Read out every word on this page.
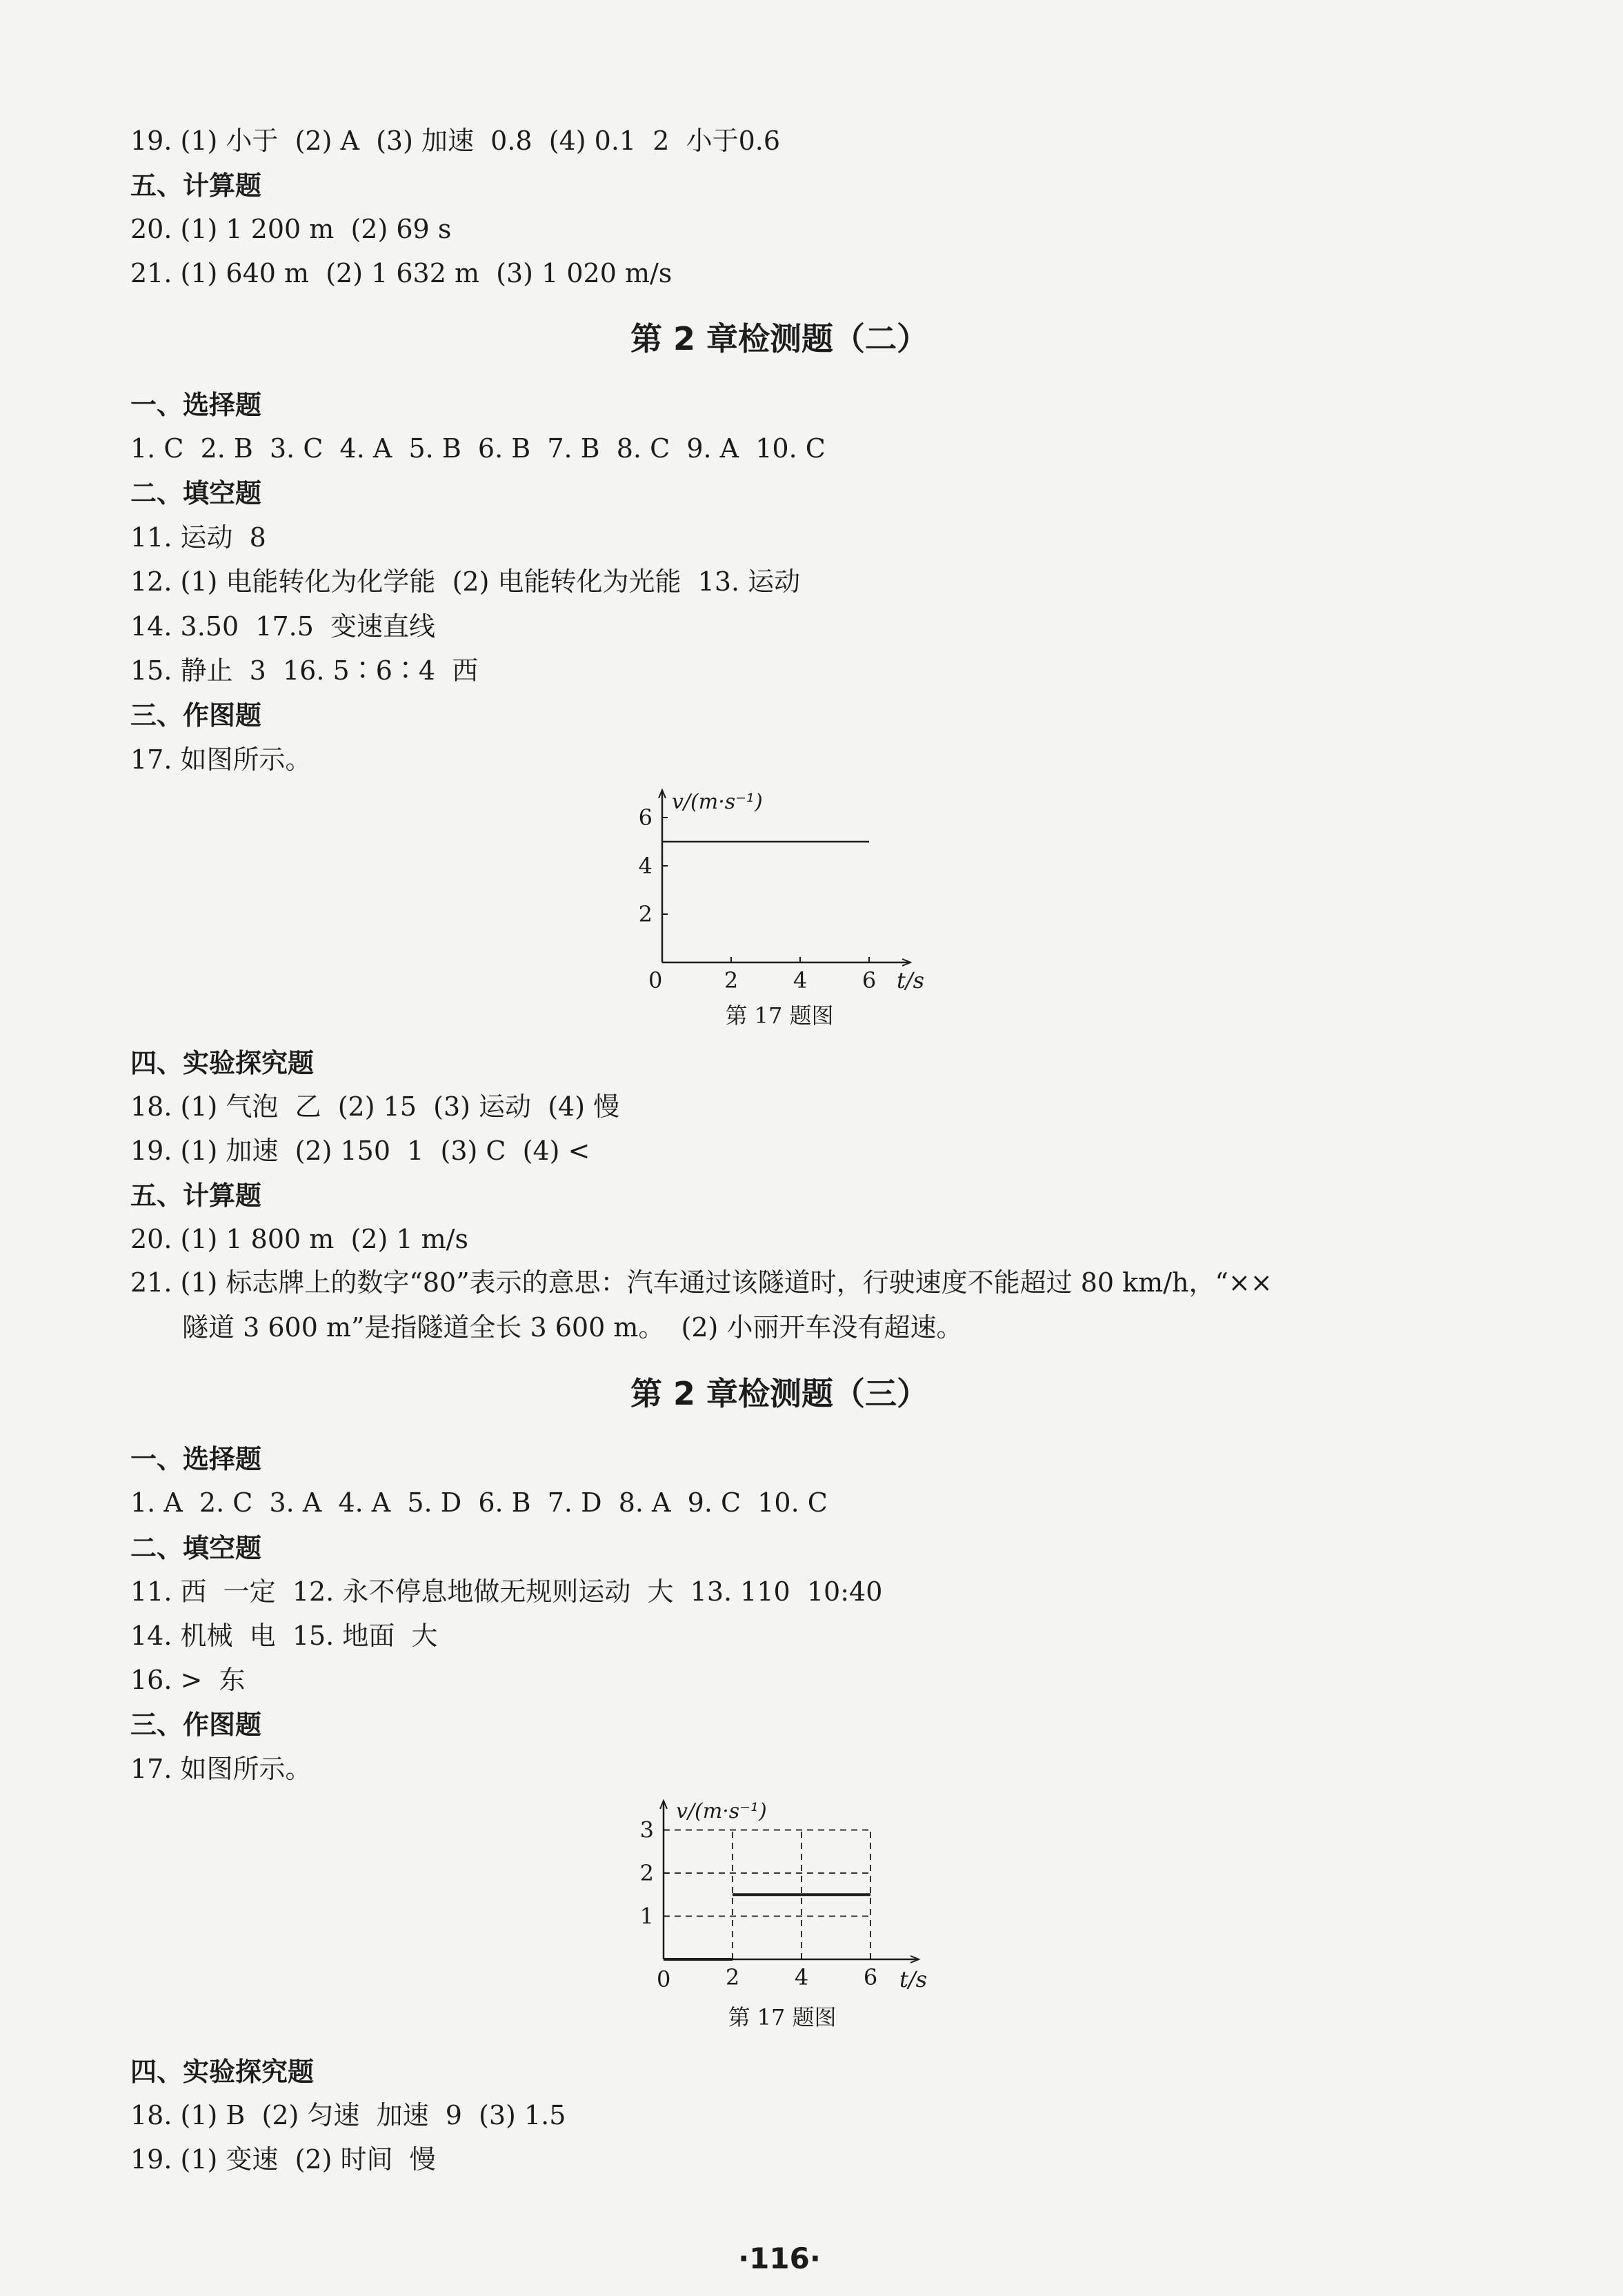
19. (1) 小于  (2) A  (3) 加速  0.8  (4) 0.1  2  小于0.6
五、计算题
20. (1) 1 200 m  (2) 69 s
21. (1) 640 m  (2) 1 632 m  (3) 1 020 m/s
第 2 章检测题（二）
一、选择题
1. C  2. B  3. C  4. A  5. B  6. B  7. B  8. C  9. A  10. C
二、填空题
11. 运动  8
12. (1) 电能转化为化学能  (2) 电能转化为光能  13. 运动
14. 3.50  17.5  变速直线
15. 静止  3  16. 5∶6∶4  西
三、作图题
17. 如图所示。
2 4 6
2
4
6
v/(m·s⁻¹)
t/s
0
第 17 题图
四、实验探究题
18. (1) 气泡  乙  (2) 15  (3) 运动  (4) 慢
19. (1) 加速  (2) 150  1  (3) C  (4) <
五、计算题
20. (1) 1 800 m  (2) 1 m/s
21. (1) 标志牌上的数字“80”表示的意思：汽车通过该隧道时，行驶速度不能超过 80 km/h，“××
隧道 3 600 m”是指隧道全长 3 600 m。  (2) 小丽开车没有超速。
第 2 章检测题（三）
一、选择题
1. A  2. C  3. A  4. A  5. D  6. B  7. D  8. A  9. C  10. C
二、填空题
11. 西  一定  12. 永不停息地做无规则运动  大  13. 110  10:40
14. 机械  电  15. 地面  大
16. >  东
三、作图题
17. 如图所示。
2 4 6
1
2
3
v/(m·s⁻¹)
t/s
0
第 17 题图
四、实验探究题
18. (1) B  (2) 匀速  加速  9  (3) 1.5
19. (1) 变速  (2) 时间  慢
·116·
